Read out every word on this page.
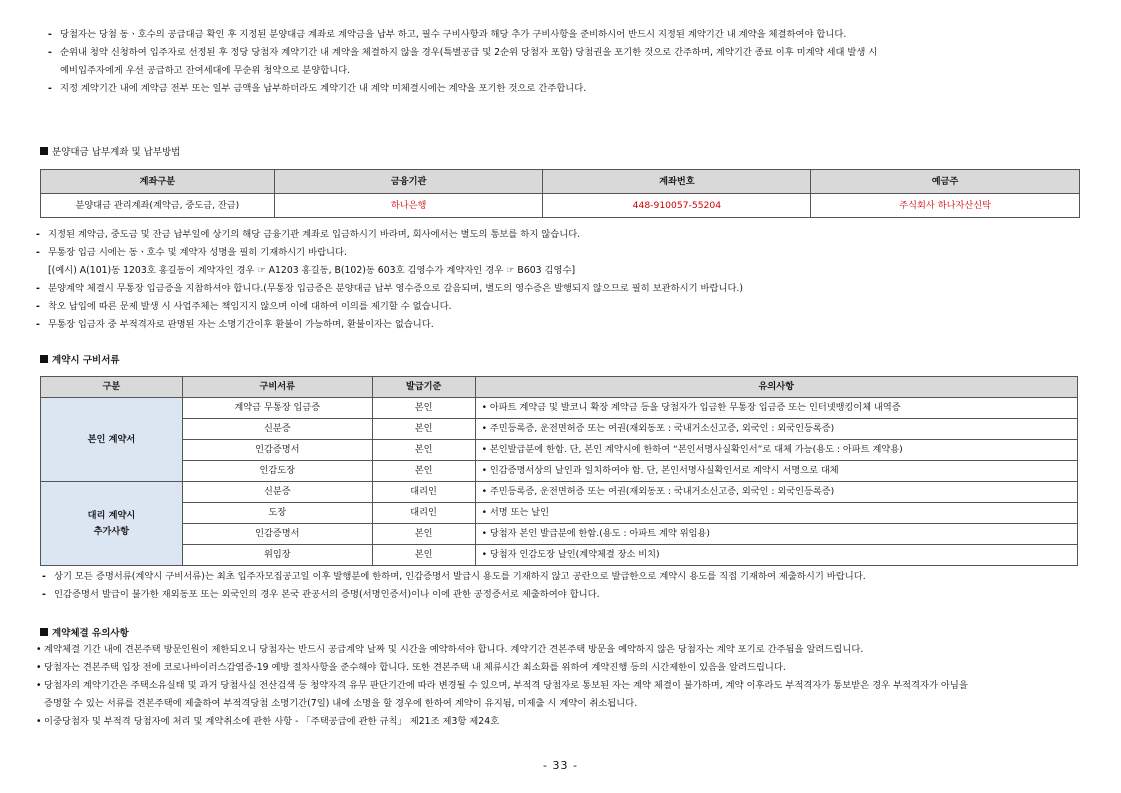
- 당첨자는 당첨 동ㆍ호수의 공급대금 확인 후 지정된 분양대금 계좌로 계약금을 납부 하고, 필수 구비사항과 해당 추가 구비사항을 준비하시어 반드시 지정된 계약기간 내 계약을 체결하여야 합니다.
- 순위내 청약 신청하여 입주자로 선정된 후 정당 당첨자 계약기간 내 계약을 체결하지 않을 경우(특별공급 및 2순위 당첨자 포함) 당첨권을 포기한 것으로 간주하며, 계약기간 종료 이후 미계약 세대 발생 시
예비입주자에게 우선 공급하고 잔여세대에 무순위 청약으로 분양합니다.
- 지정 계약기간 내에 계약금 전부 또는 일부 금액을 납부하더라도 계약기간 내 계약 미체결시에는 계약을 포기한 것으로 간주합니다.
분양대금 납부계좌 및 납부방법
계좌구분	금융기관	계좌번호	예금주
분양대금 관리계좌(계약금, 중도금, 잔금)	하나은행	448-910057-55204	주식회사 하나자산신탁
- 지정된 계약금, 중도금 및 잔금 납부일에 상기의 해당 금융기관 계좌로 입금하시기 바라며, 회사에서는 별도의 통보를 하지 않습니다.
- 무통장 입금 시에는 동ㆍ호수 및 계약자 성명을 필히 기재하시기 바랍니다.
[(예시) A(101)동 1203호 홍길동이 계약자인 경우 ☞ A1203 홍길동, B(102)동 603호 김영수가 계약자인 경우 ☞ B603 김영수]
- 분양계약 체결시 무통장 입금증을 지참하셔야 합니다.(무통장 입금증은 분양대금 납부 영수증으로 갈음되며, 별도의 영수증은 발행되지 않으므로 필히 보관하시기 바랍니다.)
- 착오 납입에 따른 문제 발생 시 사업주체는 책임지지 않으며 이에 대하여 이의를 제기할 수 없습니다.
- 무통장 입금자 중 부적격자로 판명된 자는 소명기간이후 환불이 가능하며, 환불이자는 없습니다.
계약시 구비서류
구분	구비서류	발급기준	유의사항
본인 계약서	계약금 무통장 입금증	본인	• 아파트 계약금 및 발코니 확장 계약금 등을 당첨자가 입금한 무통장 입금증 또는 인터넷뱅킹이체 내역증
	신분증	본인	• 주민등록증, 운전면허증 또는 여권(재외동포 : 국내거소신고증, 외국인 : 외국인등록증)
	인감증명서	본인	• 본인발급분에 한함. 단, 본인 계약시에 한하여 “본인서명사실확인서”로 대체 가능(용도 : 아파트 계약용)
	인감도장	본인	• 인감증명서상의 날인과 일치하여야 함. 단, 본인서명사실확인서로 계약시 서명으로 대체

대리 계약시
추가사항	신분증	대리인	• 주민등록증, 운전면허증 또는 여권(재외동포 : 국내거소신고증, 외국인 : 외국인등록증)
	도장	대리인	• 서명 또는 날인
	인감증명서	본인	• 당첨자 본인 발급분에 한함.(용도 : 아파트 계약 위임용)
	위임장	본인	• 당첨자 인감도장 날인(계약체결 장소 비치)
- 상기 모든 증명서류(계약시 구비서류)는 최초 입주자모집공고일 이후 발행분에 한하며, 인감증명서 발급시 용도를 기재하지 않고 공란으로 발급한으로 계약시 용도를 직접 기재하여 제출하시기 바랍니다.
- 인감증명서 발급이 불가한 재외동포 또는 외국인의 경우 본국 관공서의 증명(서명인증서)이나 이에 관한 공정증서로 제출하여야 합니다.
계약체결 유의사항
• 계약체결 기간 내에 견본주택 방문인원이 제한되오니 당첨자는 반드시 공급계약 날짜 및 시간을 예약하셔야 합니다. 계약기간 견본주택 방문을 예약하지 않은 당첨자는 계약 포기로 간주됨을 알려드립니다.
• 당첨자는 견본주택 입장 전에 코로나바이러스감염증-19 예방 절차사항을 준수해야 합니다. 또한 견본주택 내 체류시간 최소화를 위하여 계약진행 등의 시간제한이 있음을 알려드립니다.
• 당첨자의 계약기간은 주택소유실태 및 과거 당첨사실 전산검색 등 청약자격 유무 판단기간에 따라 변경될 수 있으며, 부적격 당첨자로 통보된 자는 계약 체결이 불가하며, 계약 이후라도 부적격자가 통보받은 경우 부적격자가 아님을
증명할 수 있는 서류를 견본주택에 제출하여 부적격당첨 소명기간(7일) 내에 소명을 할 경우에 한하여 계약이 유지됨, 미제출 시 계약이 취소됩니다.
• 이중당첨자 및 부적격 당첨자에 처리 및 계약취소에 관한 사항 - 「주택공급에 관한 규칙」 제21조 제3항 제24호
- 33 -
